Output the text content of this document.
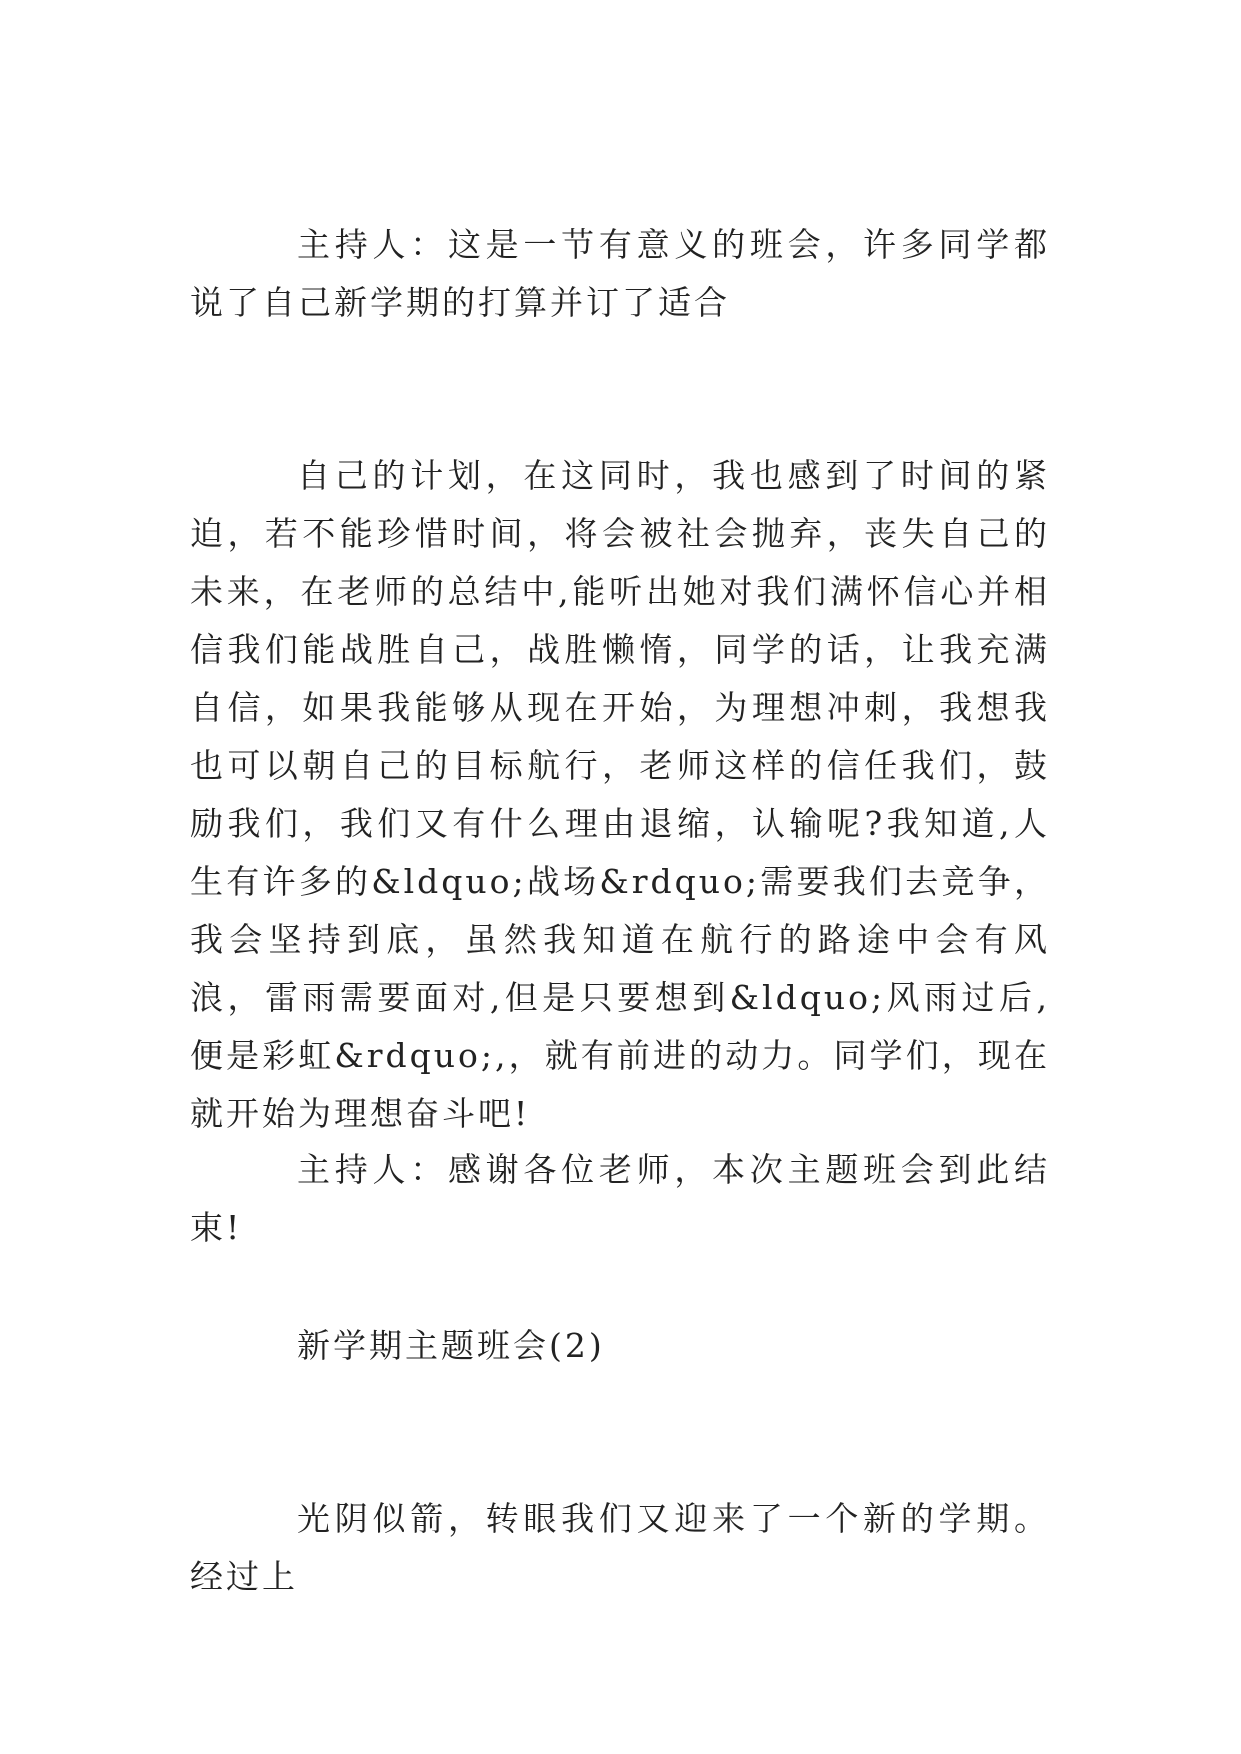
主持人：这是一节有意义的班会，许多同学都说了自己新学期的打算并订了适合

自己的计划，在这同时，我也感到了时间的紧迫，若不能珍惜时间，将会被社会抛弃，丧失自己的未来，在老师的总结中,能听出她对我们满怀信心并相信我们能战胜自己，战胜懒惰，同学的话，让我充满自信，如果我能够从现在开始，为理想冲刺，我想我也可以朝自己的目标航行，老师这样的信任我们，鼓励我们，我们又有什么理由退缩，认输呢?我知道,人生有许多的&ldquo;战场&rdquo;需要我们去竞争，我会坚持到底，虽然我知道在航行的路途中会有风浪，雷雨需要面对,但是只要想到&ldquo;风雨过后,便是彩虹&rdquo;,，就有前进的动力。同学们，现在就开始为理想奋斗吧!

主持人：感谢各位老师，本次主题班会到此结束!

新学期主题班会(2)

光阴似箭，转眼我们又迎来了一个新的学期。经过上
